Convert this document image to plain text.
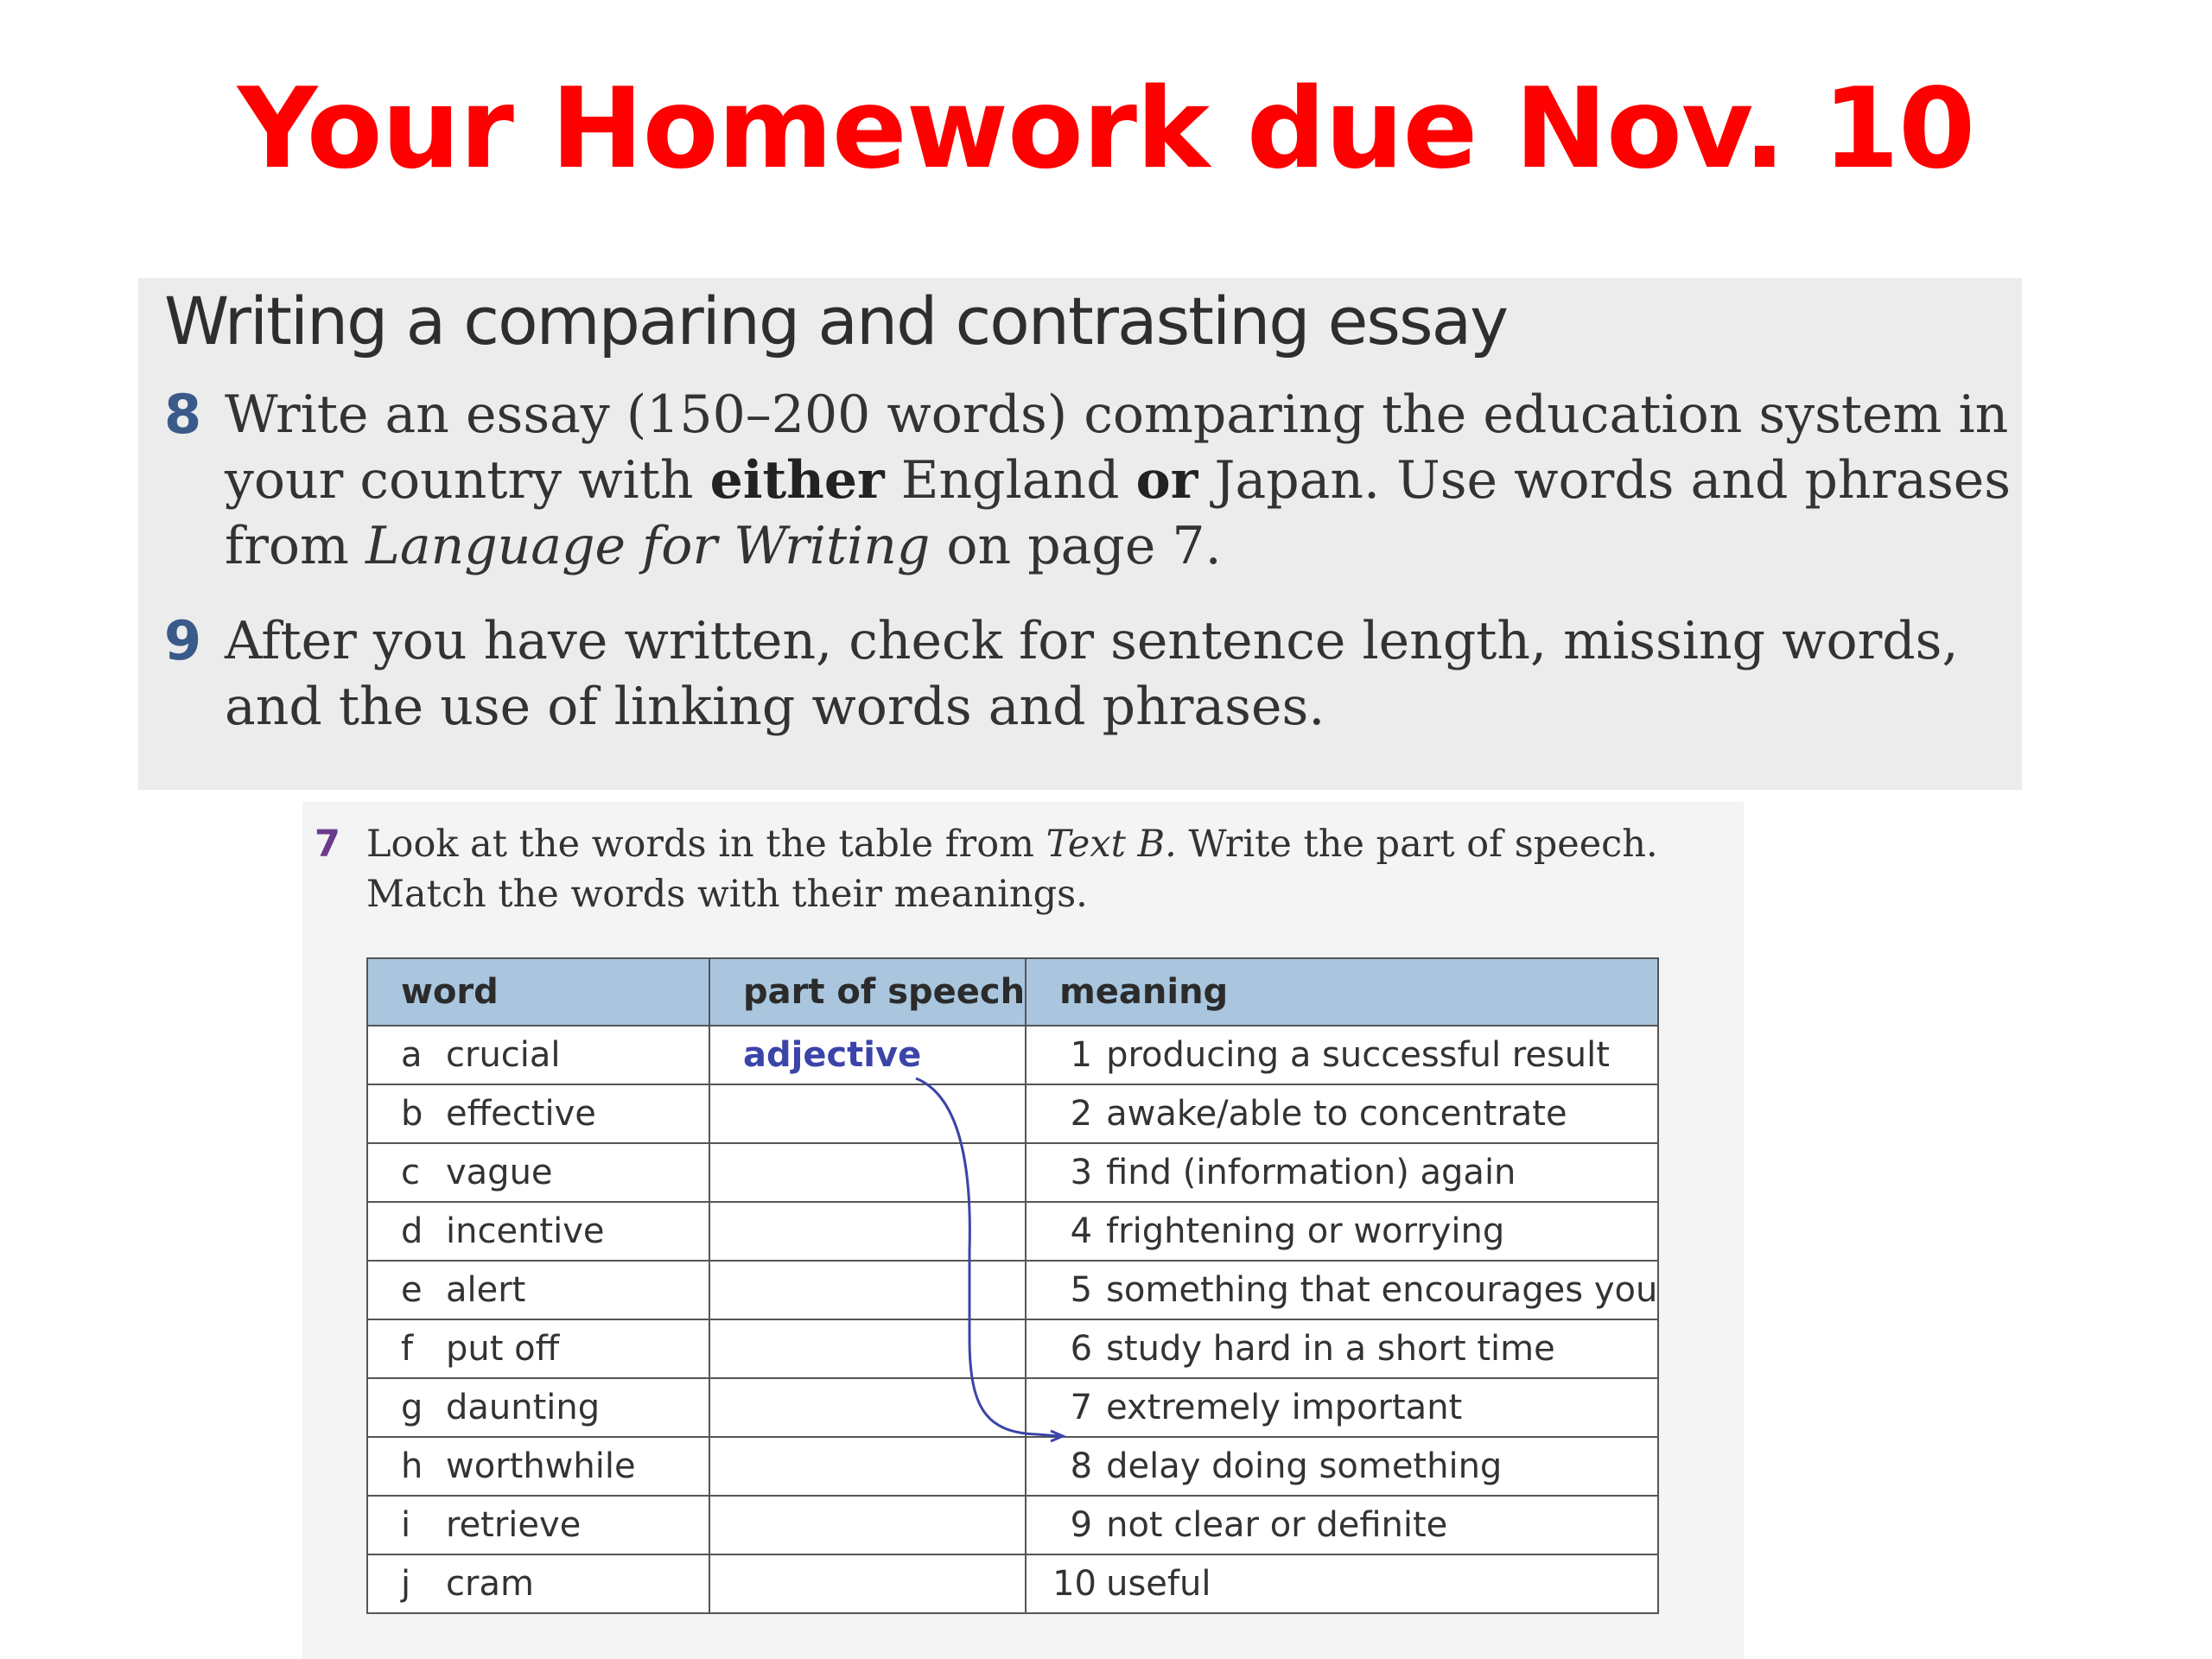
Your Homework due Nov. 10
Writing a comparing and contrasting essay
8 Write an essay (150–200 words) comparing the education system in your country with either England or Japan. Use words and phrases from Language for Writing on page 7.
9 After you have written, check for sentence length, missing words, and the use of linking words and phrases.
7 Look at the words in the table from Text B. Write the part of speech. Match the words with their meanings.
word	part of speech	meaning
a crucial	adjective	1 producing a successful result
b effective		2 awake/able to concentrate
c vague		3 find (information) again
d incentive		4 frightening or worrying
e alert		5 something that encourages you
f put off		6 study hard in a short time
g daunting		7 extremely important
h worthwhile		8 delay doing something
i retrieve		9 not clear or definite
j cram		10 useful
